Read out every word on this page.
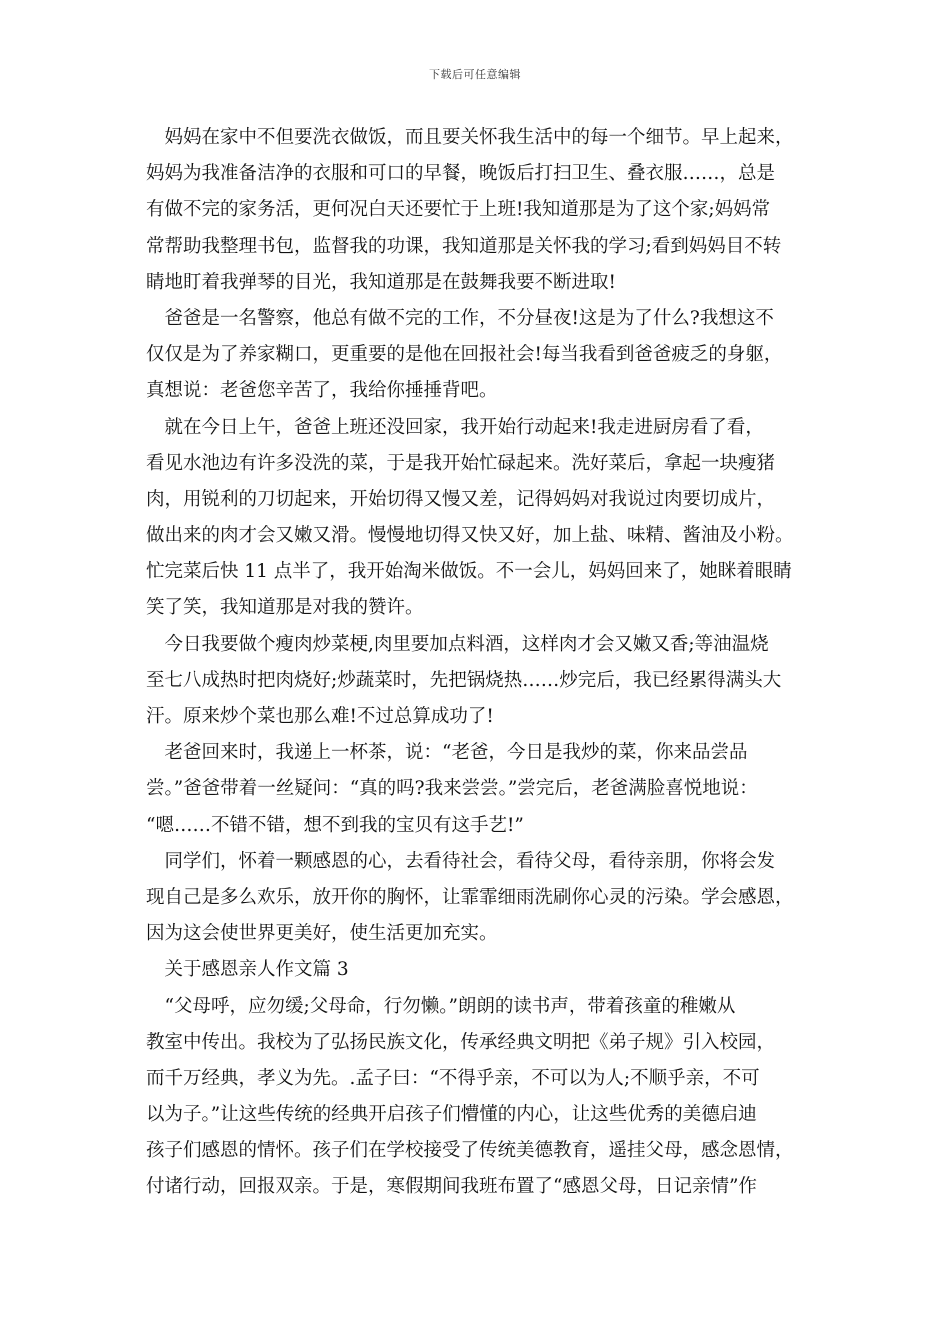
下载后可任意编辑
　妈妈在家中不但要洗衣做饭，而且要关怀我生活中的每一个细节。早上起来，
妈妈为我准备洁净的衣服和可口的早餐，晚饭后打扫卫生、叠衣服……，总是
有做不完的家务活，更何况白天还要忙于上班!我知道那是为了这个家;妈妈常
常帮助我整理书包，监督我的功课，我知道那是关怀我的学习;看到妈妈目不转
睛地盯着我弹琴的目光，我知道那是在鼓舞我要不断进取!
　爸爸是一名警察，他总有做不完的工作，不分昼夜!这是为了什么?我想这不
仅仅是为了养家糊口，更重要的是他在回报社会!每当我看到爸爸疲乏的身躯，
真想说：老爸您辛苦了，我给你捶捶背吧。
　就在今日上午，爸爸上班还没回家，我开始行动起来!我走进厨房看了看，
看见水池边有许多没洗的菜，于是我开始忙碌起来。洗好菜后，拿起一块瘦猪
肉，用锐利的刀切起来，开始切得又慢又差，记得妈妈对我说过肉要切成片，
做出来的肉才会又嫩又滑。慢慢地切得又快又好，加上盐、味精、酱油及小粉。
忙完菜后快 11 点半了，我开始淘米做饭。不一会儿，妈妈回来了，她眯着眼睛
笑了笑，我知道那是对我的赞许。
　今日我要做个瘦肉炒菜梗,肉里要加点料酒，这样肉才会又嫩又香;等油温烧
至七八成热时把肉烧好;炒蔬菜时，先把锅烧热……炒完后，我已经累得满头大
汗。原来炒个菜也那么难!不过总算成功了!
　老爸回来时，我递上一杯茶，说：“老爸，今日是我炒的菜，你来品尝品
尝。”爸爸带着一丝疑问：“真的吗?我来尝尝。”尝完后，老爸满脸喜悦地说：
“嗯……不错不错，想不到我的宝贝有这手艺!”
　同学们，怀着一颗感恩的心，去看待社会，看待父母，看待亲朋，你将会发
现自己是多么欢乐，放开你的胸怀，让霏霏细雨洗刷你心灵的污染。学会感恩，
因为这会使世界更美好，使生活更加充实。
　关于感恩亲人作文篇 3
　“父母呼，应勿缓;父母命，行勿懒。”朗朗的读书声，带着孩童的稚嫩从
教室中传出。我校为了弘扬民族文化，传承经典文明把《弟子规》引入校园，
而千万经典，孝义为先。.孟子曰：“不得乎亲，不可以为人;不顺乎亲，不可
以为子。”让这些传统的经典开启孩子们懵懂的内心，让这些优秀的美德启迪
孩子们感恩的情怀。孩子们在学校接受了传统美德教育，遥挂父母，感念恩情，
付诸行动，回报双亲。于是，寒假期间我班布置了“感恩父母，日记亲情”作
